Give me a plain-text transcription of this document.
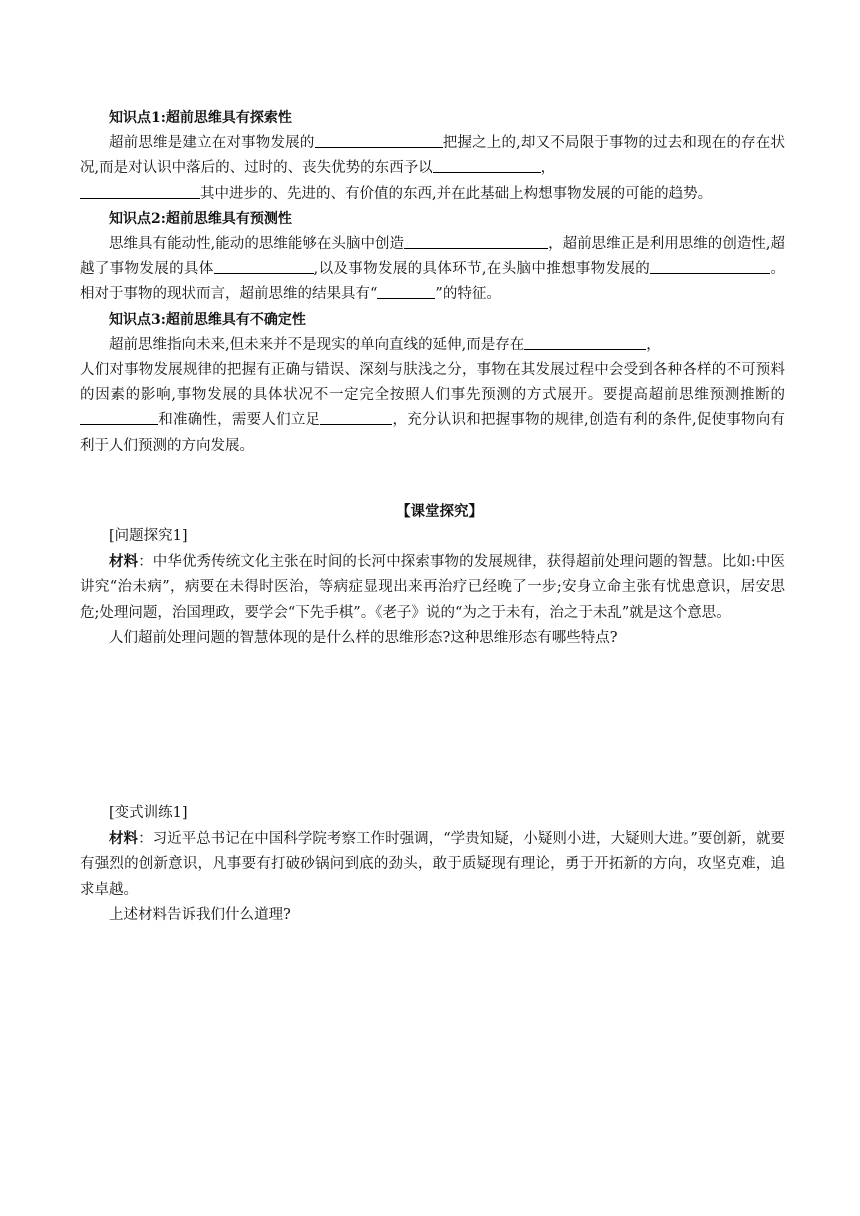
知识点1:超前思维具有探索性

超前思维是建立在对事物发展的	把握之上的,却又不局限于事物的过去和现在的存在状况,而是对认识中落后的、过时的、丧失优势的东西予以	，

其中进步的、先进的、有价值的东西,并在此基础上构想事物发展的可能的趋势。

知识点2:超前思维具有预测性

思维具有能动性,能动的思维能够在头脑中创造	，超前思维正是利用思维的创造性,超越了事物发展的具体	,以及事物发展的具体环节,在头脑中推想事物发展的	。相对于事物的现状而言，超前思维的结果具有“	”的特征。

知识点3:超前思维具有不确定性

超前思维指向未来,但未来并不是现实的单向直线的延伸,而是存在	，

人们对事物发展规律的把握有正确与错误、深刻与肤浅之分，事物在其发展过程中会受到各种各样的不可预料的因素的影响,事物发展的具体状况不一定完全按照人们事先预测的方式展开。要提高超前思维预测推断的和准确性，需要人们立足	，充分认识和把握事物的规律,创造有利的条件,促使事物向有利于人们预测的方向发展。

【课堂探究】

[问题探究1]

材料：中华优秀传统文化主张在时间的长河中探索事物的发展规律，获得超前处理问题的智慧。比如:中医讲究“治未病”，病要在未得时医治，等病症显现出来再治疗已经晚了一步;安身立命主张有忧患意识，居安思危;处理问题，治国理政，要学会“下先手棋”。《老子》说的“为之于未有，治之于未乱”就是这个意思。

人们超前处理问题的智慧体现的是什么样的思维形态?这种思维形态有哪些特点?

[变式训练1]

材料：习近平总书记在中国科学院考察工作时强调，“学贵知疑，小疑则小进，大疑则大进。”要创新，就要有强烈的创新意识，凡事要有打破砂锅问到底的劲头，敢于质疑现有理论，勇于开拓新的方向，攻坚克难，追求卓越。

上述材料告诉我们什么道理?
